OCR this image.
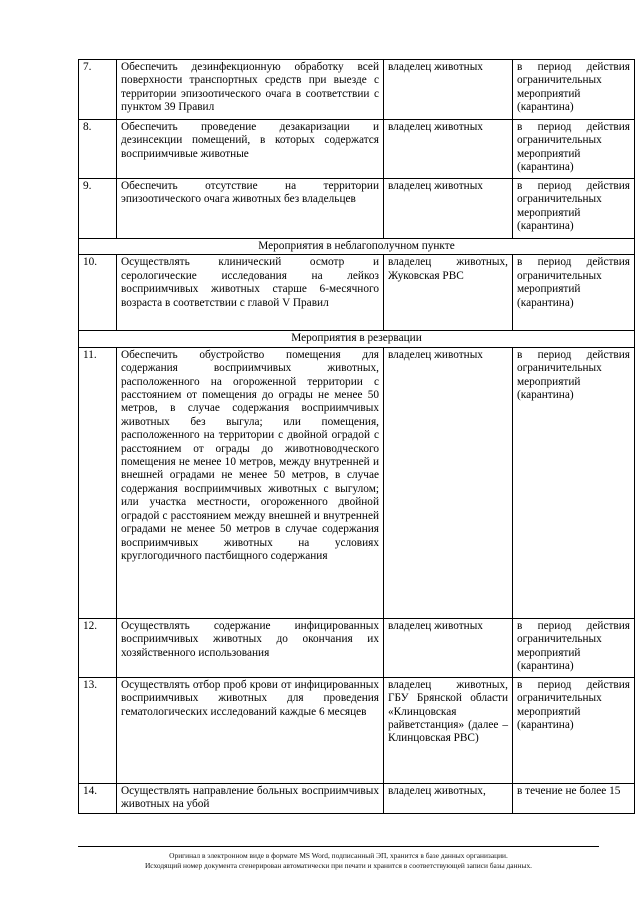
7.	Обеспечить дезинфекционную обработку всей поверхности транспортных средств при выезде с территории эпизоотического очага в соответствии с пунктом 39 Правил	владелец животных	в период действия ограничительных мероприятий (карантина)
8.	Обеспечить проведение дезакаризации и дезинсекции помещений, в которых содержатся восприимчивые животные	владелец животных	в период действия ограничительных мероприятий (карантина)
9.	Обеспечить отсутствие на территории эпизоотического очага животных без владельцев	владелец животных	в период действия ограничительных мероприятий (карантина)
Мероприятия в неблагополучном пункте			
10.	Осуществлять клинический осмотр и серологические исследования на лейкоз восприимчивых животных старше 6-месячного возраста в соответствии с главой V Правил	владелец животных, Жуковская РВС	в период действия ограничительных мероприятий (карантина)
Мероприятия в резервации			
11.	Обеспечить обустройство помещения для содержания восприимчивых животных, расположенного на огороженной территории с расстоянием от помещения до ограды не менее 50 метров, в случае содержания восприимчивых животных без выгула; или помещения, расположенного на территории с двойной оградой с расстоянием от ограды до животноводческого помещения не менее 10 метров, между внутренней и внешней оградами не менее 50 метров, в случае содержания восприимчивых животных с выгулом; или участка местности, огороженного двойной оградой с расстоянием между внешней и внутренней оградами не менее 50 метров в случае содержания восприимчивых животных на условиях круглогодичного пастбищного содержания	владелец животных	в период действия ограничительных мероприятий (карантина)
12.	Осуществлять содержание инфицированных восприимчивых животных до окончания их хозяйственного использования	владелец животных	в период действия ограничительных мероприятий (карантина)
13.	Осуществлять отбор проб крови от инфицированных восприимчивых животных для проведения гематологических исследований каждые 6 месяцев	владелец животных, ГБУ Брянской области «Клинцовская райветстанция» (далее – Клинцовская РВС)	в период действия ограничительных мероприятий (карантина)
14.	Осуществлять направление больных восприимчивых животных на убой	владелец животных,	в течение не более 15
Оригинал в электронном виде в формате MS Word, подписанный ЭП, хранится в базе данных организации.
Исходящий номер документа сгенерирован автоматически при печати и хранится в соответствующей записи базы данных.
